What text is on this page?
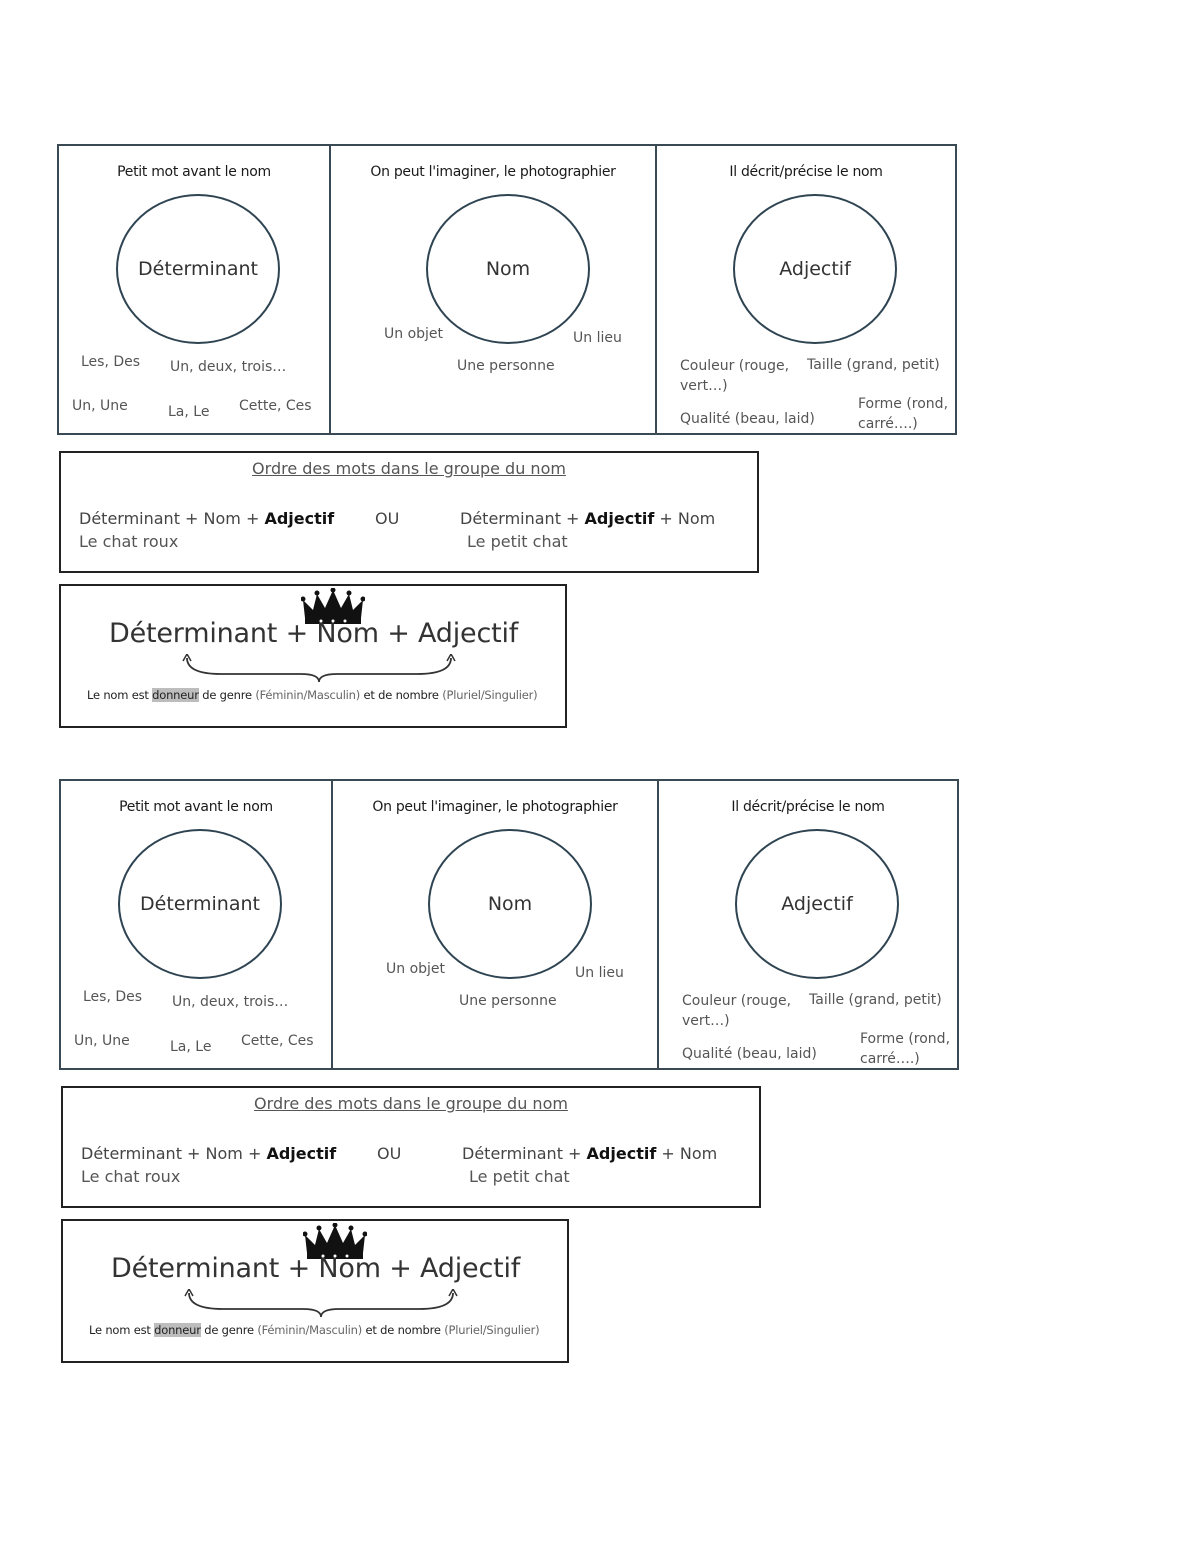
Petit mot avant le nom
Déterminant
Les, Des Un, deux, trois…
Un, Une	La, Le Cette, Ces
On peut l'imaginer, le photographier
Nom
Un objet	Un lieu
Une personne
Il décrit/précise le nom
Adjectif
Couleur (rouge, vert…)
Taille (grand, petit)
Qualité (beau, laid)
Forme (rond, carré….)
Ordre des mots dans le groupe du nom
Déterminant + Nom + Adjectif
Le chat roux
OU	Déterminant + Adjectif + Nom
Le petit chat
Déterminant + Nom + Adjectif
Le nom est donneur de genre (Féminin/Masculin) et de nombre (Pluriel/Singulier)
Petit mot avant le nom
Déterminant
Les, Des Un, deux, trois…
Un, Une	La, Le Cette, Ces
On peut l'imaginer, le photographier
Nom
Un objet	Un lieu
Une personne
Il décrit/précise le nom
Adjectif
Couleur (rouge, vert…)
Taille (grand, petit)
Qualité (beau, laid)
Forme (rond, carré….)
Ordre des mots dans le groupe du nom
Déterminant + Nom + Adjectif
Le chat roux
OU	Déterminant + Adjectif + Nom
Le petit chat
Déterminant + Nom + Adjectif
Le nom est donneur de genre (Féminin/Masculin) et de nombre (Pluriel/Singulier)
